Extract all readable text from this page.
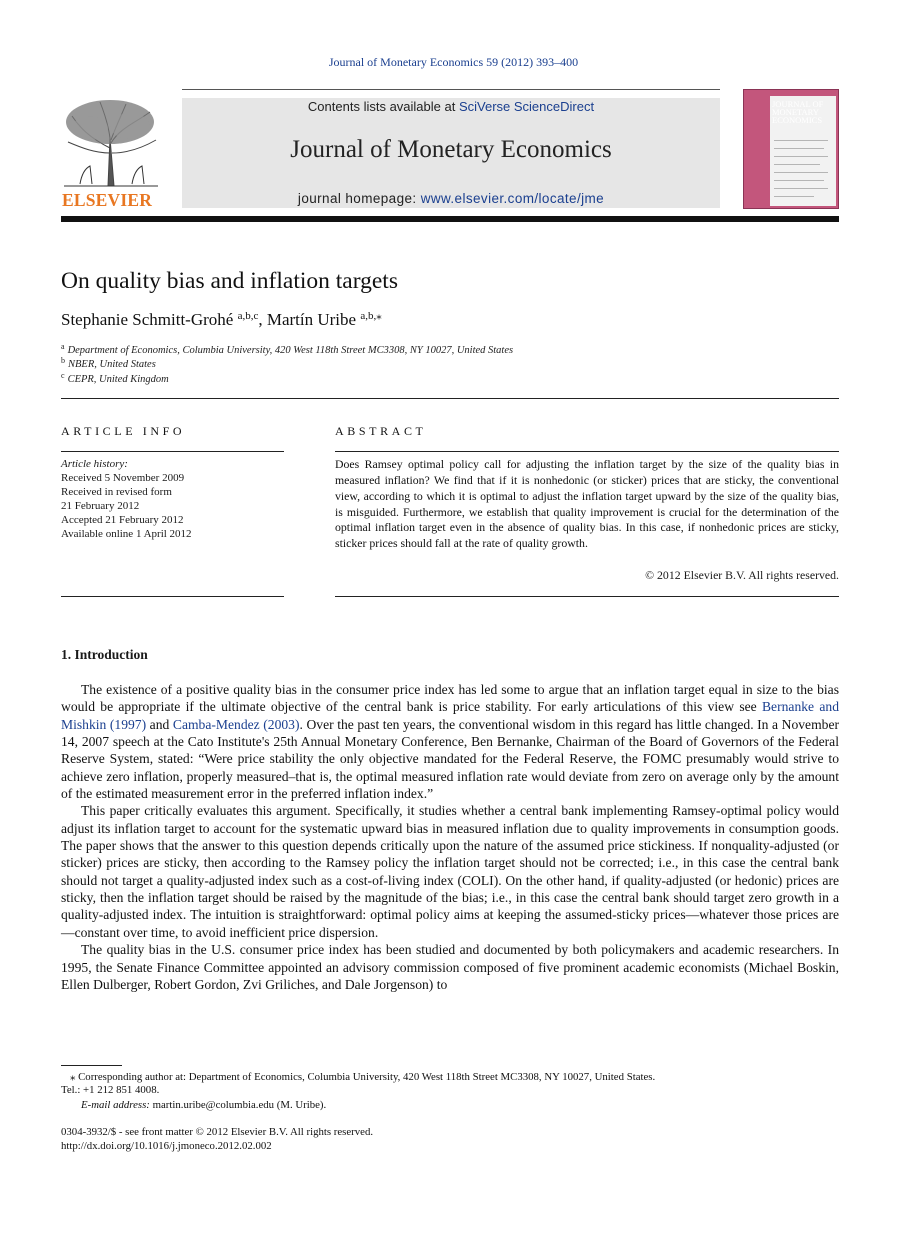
Journal of Monetary Economics 59 (2012) 393–400
ELSEVIER
Contents lists available at SciVerse ScienceDirect
Journal of Monetary Economics
journal homepage: www.elsevier.com/locate/jme
JOURNAL OF MONETARY ECONOMICS
On quality bias and inflation targets
Stephanie Schmitt-Grohé $^{a,b,c}$, Martín Uribe $^{a,b,⁎}$
$^a$ Department of Economics, Columbia University, 420 West 118th Street MC3308, NY 10027, United States
$^b$ NBER, United States
$^c$ CEPR, United Kingdom
ARTICLE INFO
Article history:
Received 5 November 2009
Received in revised form
21 February 2012
Accepted 21 February 2012
Available online 1 April 2012
ABSTRACT
Does Ramsey optimal policy call for adjusting the inflation target by the size of the quality bias in measured inflation? We find that if it is nonhedonic (or sticker) prices that are sticky, the conventional view, according to which it is optimal to adjust the inflation target upward by the size of the quality bias, is misguided. Furthermore, we establish that quality improvement is crucial for the determination of the optimal inflation target even in the absence of quality bias. In this case, if nonhedonic prices are sticky, sticker prices should fall at the rate of quality growth.
© 2012 Elsevier B.V. All rights reserved.
1. Introduction

The existence of a positive quality bias in the consumer price index has led some to argue that an inflation target equal in size to the bias would be appropriate if the ultimate objective of the central bank is price stability. For early articulations of this view see Bernanke and Mishkin (1997) and Camba-Mendez (2003). Over the past ten years, the conventional wisdom in this regard has little changed. In a November 14, 2007 speech at the Cato Institute's 25th Annual Monetary Conference, Ben Bernanke, Chairman of the Board of Governors of the Federal Reserve System, stated: “Were price stability the only objective mandated for the Federal Reserve, the FOMC presumably would strive to achieve zero inflation, properly measured–that is, the optimal measured inflation rate would deviate from zero on average only by the amount of the estimated measurement error in the preferred inflation index.”

This paper critically evaluates this argument. Specifically, it studies whether a central bank implementing Ramsey-optimal policy would adjust its inflation target to account for the systematic upward bias in measured inflation due to quality improvements in consumption goods. The paper shows that the answer to this question depends critically upon the nature of the assumed price stickiness. If nonquality-adjusted (or sticker) prices are sticky, then according to the Ramsey policy the inflation target should not be corrected; i.e., in this case the central bank should not target a quality-adjusted index such as a cost-of-living index (COLI). On the other hand, if quality-adjusted (or hedonic) prices are sticky, then the inflation target should be raised by the magnitude of the bias; i.e., in this case the central bank should target zero growth in a quality-adjusted index. The intuition is straightforward: optimal policy aims at keeping the assumed-sticky prices—whatever those prices are—constant over time, to avoid inefficient price dispersion.

The quality bias in the U.S. consumer price index has been studied and documented by both policymakers and academic researchers. In 1995, the Senate Finance Committee appointed an advisory commission composed of five prominent academic economists (Michael Boskin, Ellen Dulberger, Robert Gordon, Zvi Griliches, and Dale Jorgenson) to

⁎ Corresponding author at: Department of Economics, Columbia University, 420 West 118th Street MC3308, NY 10027, United States.
Tel.: +1 212 851 4008.
E-mail address: martin.uribe@columbia.edu (M. Uribe).
0304-3932/$ - see front matter © 2012 Elsevier B.V. All rights reserved.
http://dx.doi.org/10.1016/j.jmoneco.2012.02.002
